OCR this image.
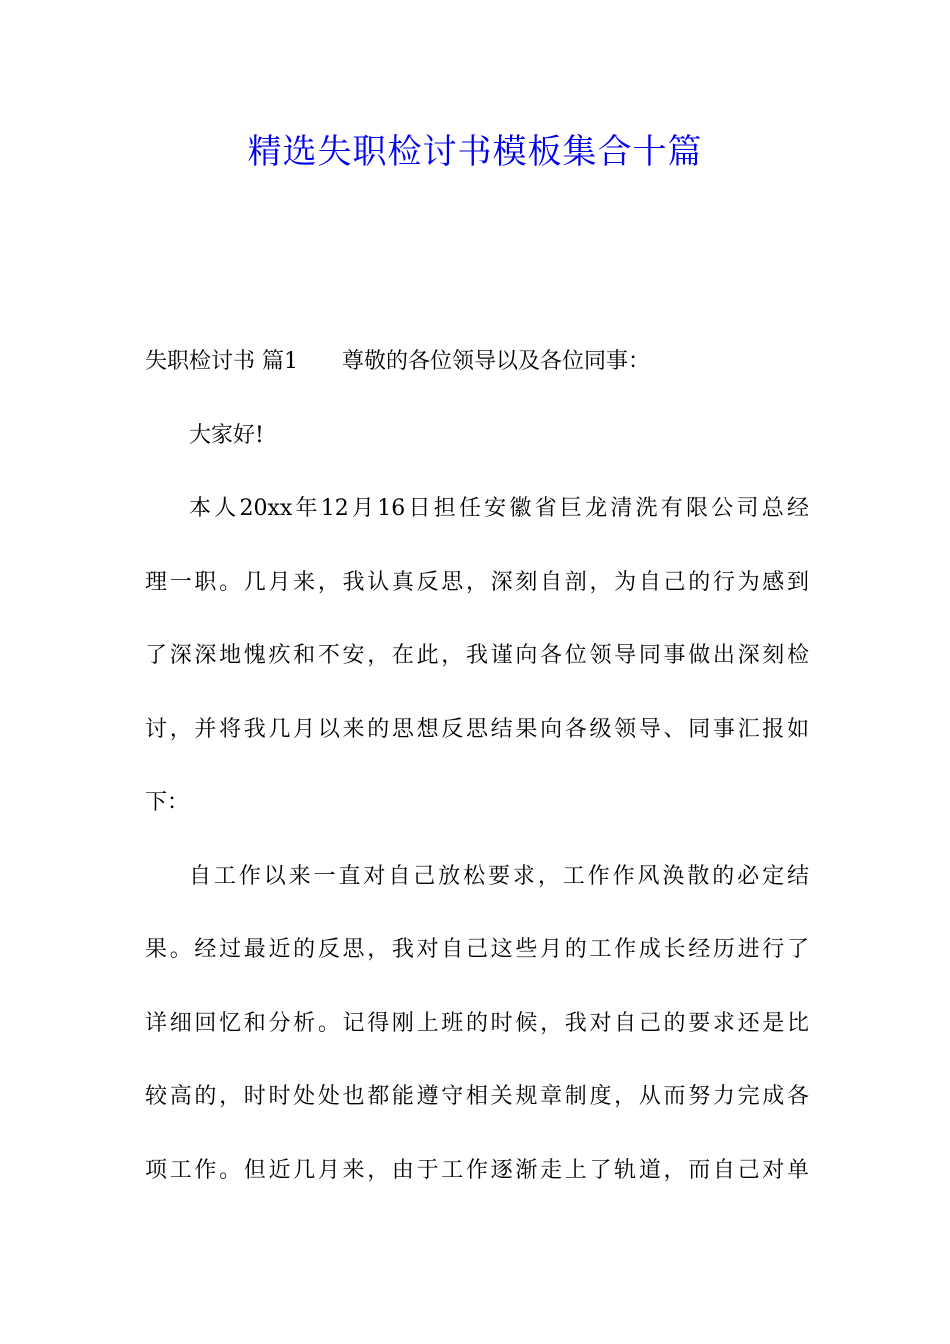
精选失职检讨书模板集合十篇
失职检讨书 篇1 尊敬的各位领导以及各位同事：
大家好!
本人20xx年12月16日担任安徽省巨龙清洗有限公司总经
理一职。几月来，我认真反思，深刻自剖，为自己的行为感到
了深深地愧疚和不安，在此，我谨向各位领导同事做出深刻检
讨，并将我几月以来的思想反思结果向各级领导、同事汇报如
下：
自工作以来一直对自己放松要求，工作作风涣散的必定结
果。经过最近的反思，我对自己这些月的工作成长经历进行了
详细回忆和分析。记得刚上班的时候，我对自己的要求还是比
较高的，时时处处也都能遵守相关规章制度，从而努力完成各
项工作。但近几月来，由于工作逐渐走上了轨道，而自己对单
